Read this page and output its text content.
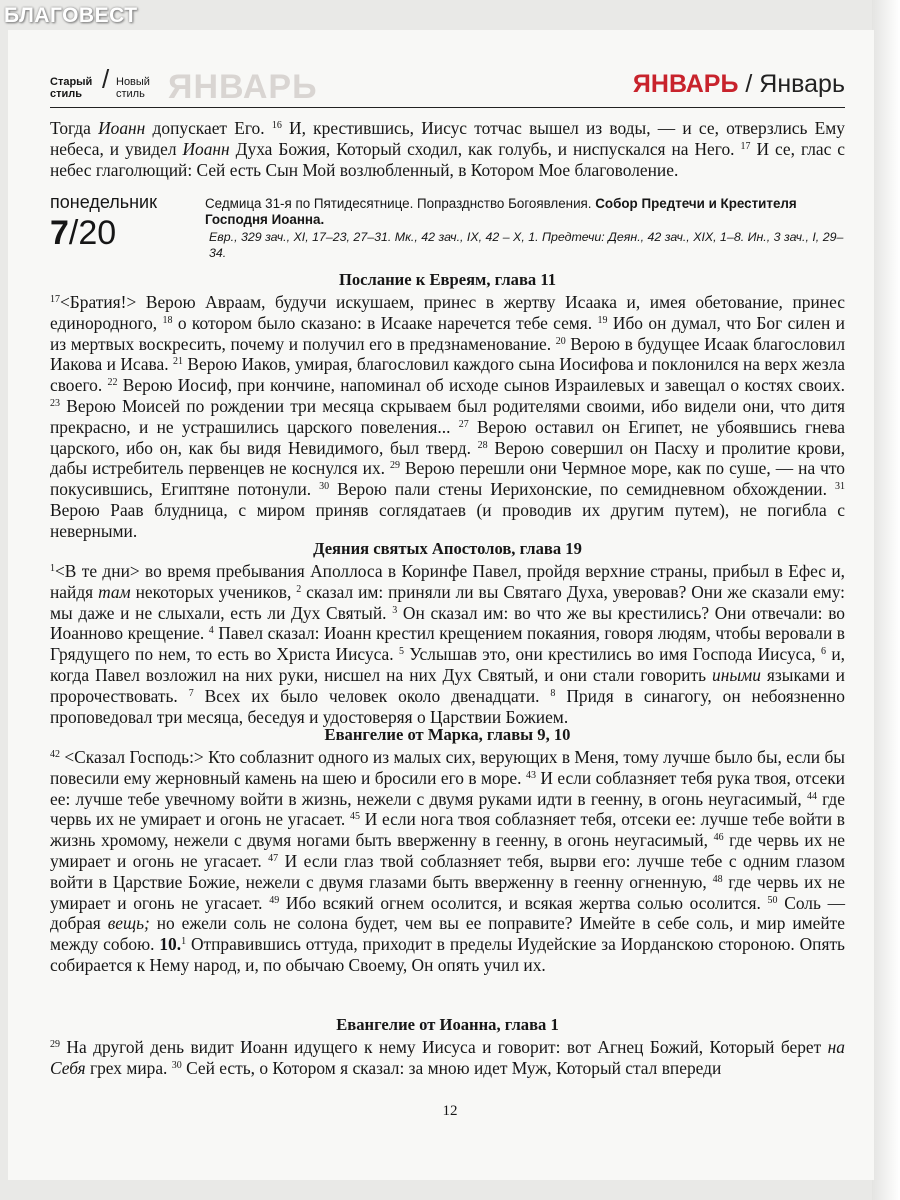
БЛАГОВЕСТ
Старый стиль / Новый стиль ЯНВАРЬ	ЯНВАРЬ / Январь
Тогда Иоанн допускает Его. $^{16}$ И, крестившись, Иисус тотчас вышел из воды, — и се, отверзлись Ему небеса, и увидел Иоанн Духа Божия, Который сходил, как голубь, и ниспускался на Него. $^{17}$ И се, глас с небес глаголющий: Сей есть Сын Мой возлюбленный, в Котором Мое благоволение.
понедельник
7/20
Седмица 31-я по Пятидесятнице. Попразднство Богоявления. Собор Предтечи и Крестителя Господня Иоанна.
Евр., 329 зач., XI, 17–23, 27–31. Мк., 42 зач., IX, 42 – X, 1. Предтечи: Деян., 42 зач., XIX, 1–8. Ин., 3 зач., I, 29–34.
Послание к Евреям, глава 11
$^{17}$<Братия!> Верою Авраам, будучи искушаем, принес в жертву Исаака и, имея обетование, принес единородного, $^{18}$ о котором было сказано: в Исааке наречется тебе семя. $^{19}$ Ибо он думал, что Бог силен и из мертвых воскресить, почему и получил его в предзнаменование. $^{20}$ Верою в будущее Исаак благословил Иакова и Исава. $^{21}$ Верою Иаков, умирая, благословил каждого сына Иосифова и поклонился на верх жезла своего. $^{22}$ Верою Иосиф, при кончине, напоминал об исходе сынов Израилевых и завещал о костях своих. $^{23}$ Верою Моисей по рождении три месяца скрываем был родителями своими, ибо видели они, что дитя прекрасно, и не устрашились царского повеления... $^{27}$ Верою оставил он Египет, не убоявшись гнева царского, ибо он, как бы видя Невидимого, был тверд. $^{28}$ Верою совершил он Пасху и пролитие крови, дабы истребитель первенцев не коснулся их. $^{29}$ Верою перешли они Чермное море, как по суше, — на что покусившись, Египтяне потонули. $^{30}$ Верою пали стены Иерихонские, по семидневном обхождении. $^{31}$ Верою Раав блудница, с миром приняв соглядатаев (и проводив их другим путем), не погибла с неверными.
Деяния святых Апостолов, глава 19
$^1$<В те дни> во время пребывания Аполлоса в Коринфе Павел, пройдя верхние страны, прибыл в Ефес и, найдя там некоторых учеников, $^2$ сказал им: приняли ли вы Святаго Духа, уверовав? Они же сказали ему: мы даже и не слыхали, есть ли Дух Святый. $^3$ Он сказал им: во что же вы крестились? Они отвечали: во Иоанново крещение. $^4$ Павел сказал: Иоанн крестил крещением покаяния, говоря людям, чтобы веровали в Грядущего по нем, то есть во Христа Иисуса. $^5$ Услышав это, они крестились во имя Господа Иисуса, $^6$ и, когда Павел возложил на них руки, нисшел на них Дух Святый, и они стали говорить иными языками и пророчествовать. $^7$ Всех их было человек около двенадцати. $^8$ Придя в синагогу, он небоязненно проповедовал три месяца, беседуя и удостоверяя о Царствии Божием.
Евангелие от Марка, главы 9, 10
$^{42}$ <Сказал Господь:> Кто соблазнит одного из малых сих, верующих в Меня, тому лучше было бы, если бы повесили ему жерновный камень на шею и бросили его в море. $^{43}$ И если соблазняет тебя рука твоя, отсеки ее: лучше тебе увечному войти в жизнь, нежели с двумя руками идти в геенну, в огонь неугасимый, $^{44}$ где червь их не умирает и огонь не угасает. $^{45}$ И если нога твоя соблазняет тебя, отсеки ее: лучше тебе войти в жизнь хромому, нежели с двумя ногами быть вверженну в геенну, в огонь неугасимый, $^{46}$ где червь их не умирает и огонь не угасает. $^{47}$ И если глаз твой соблазняет тебя, вырви его: лучше тебе с одним глазом войти в Царствие Божие, нежели с двумя глазами быть вверженну в геенну огненную, $^{48}$ где червь их не умирает и огонь не угасает. $^{49}$ Ибо всякий огнем осолится, и всякая жертва солью осолится. $^{50}$ Соль — добрая вещь; но ежели соль не солона будет, чем вы ее поправите? Имейте в себе соль, и мир имейте между собою. 10.$^1$ Отправившись оттуда, приходит в пределы Иудейские за Иорданскою стороною. Опять собирается к Нему народ, и, по обычаю Своему, Он опять учил их.
Евангелие от Иоанна, глава 1
$^{29}$ На другой день видит Иоанн идущего к нему Иисуса и говорит: вот Агнец Божий, Который берет на Себя грех мира. $^{30}$ Сей есть, о Котором я сказал: за мною идет Муж, Который стал впереди
12
